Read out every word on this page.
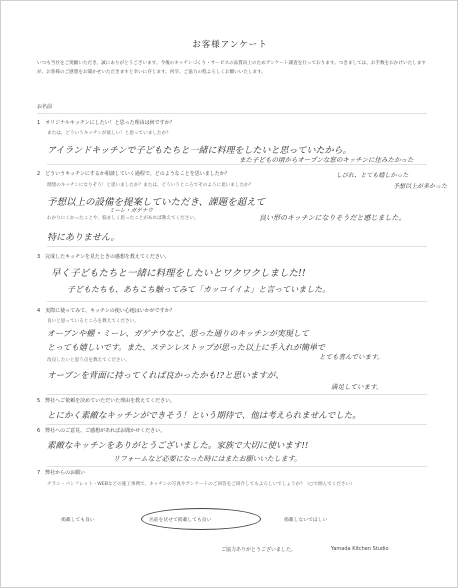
お客様アンケート
いつも当社をご愛顧いただき、誠にありがとうございます。今後のキッチンづくり・サービスの品質向上のためアンケート調査を行っております。つきましては、お手数をおかけいたしますが、お客様のご感想をお聞かせいただきますと幸いに存じます。何卒、ご協力の程よろしくお願いいたします。
お名前
1　オリジナルキッチンにしたい！と思った理由は何ですか？
または、どういうキッチンが欲しい！と思っていましたか？
アイランドキッチンで子どもたちと一緒に料理をしたいと思っていたから。
また子どもの頃からオープンな窓のキッチンに住みたかった
2　どういうキッチンにするか相談していく過程で、どのようなことを思いましたか？
理想のキッチンになりそう！と思いましたか？または、どういうところでそのように思いましたか？
しびれ、とても嬉しかった
予想以上が多かった
予想以上の設備を提案していただき、課題を超えて
ミーレ・ガゲナウ
わかりにくかったことや、悩ましく思ったことがあれば教えてください。	良い形のキッチンになりそうだと感じました。
特にありません。
3　完成したキッチンを見たときの感想を教えてください。
早く子どもたちと一緒に料理をしたいとワクワクしました!!
子どもたちも、あちこち触ってみて「カッコイイよ」と言っていました。
4　実際に使ってみて、キッチンの使い心地はいかがですか？
良いと思っているところを教えてください。
オーブンや棚・ミーレ、ガゲナウなど、思った通りのキッチンが実現して
とっても嬉しいです。また、ステンレストップが思った以上に手入れが簡単で
改良したいと思う点を教えてください。	とても喜んでいます。
オーブンを背面に持ってくれば良かったかも!?と思いますが、
満足しています。
5　弊社へご依頼を決めていただいた理由を教えてください。
とにかく素敵なキッチンができそう！という期待で、他は考えられませんでした。
6　弊社へのご意見、ご感想があればお聞かせください。
素敵なキッチンをありがとうございました。家族で大切に使います!!
リフォームなど必要になった時にはまたお願いいたします。
7　弊社からのお願い
チラシ・パンフレット・WEBなどの施工事例で、キッチンの写真やアンケートのご回答をご紹介してもよろしいでしょうか？（○で囲んでください）
掲載しても良い	名前を伏せて掲載しても良い	掲載しないでほしい
ご協力ありがとうございました。	Yamada Kitchen Studio
